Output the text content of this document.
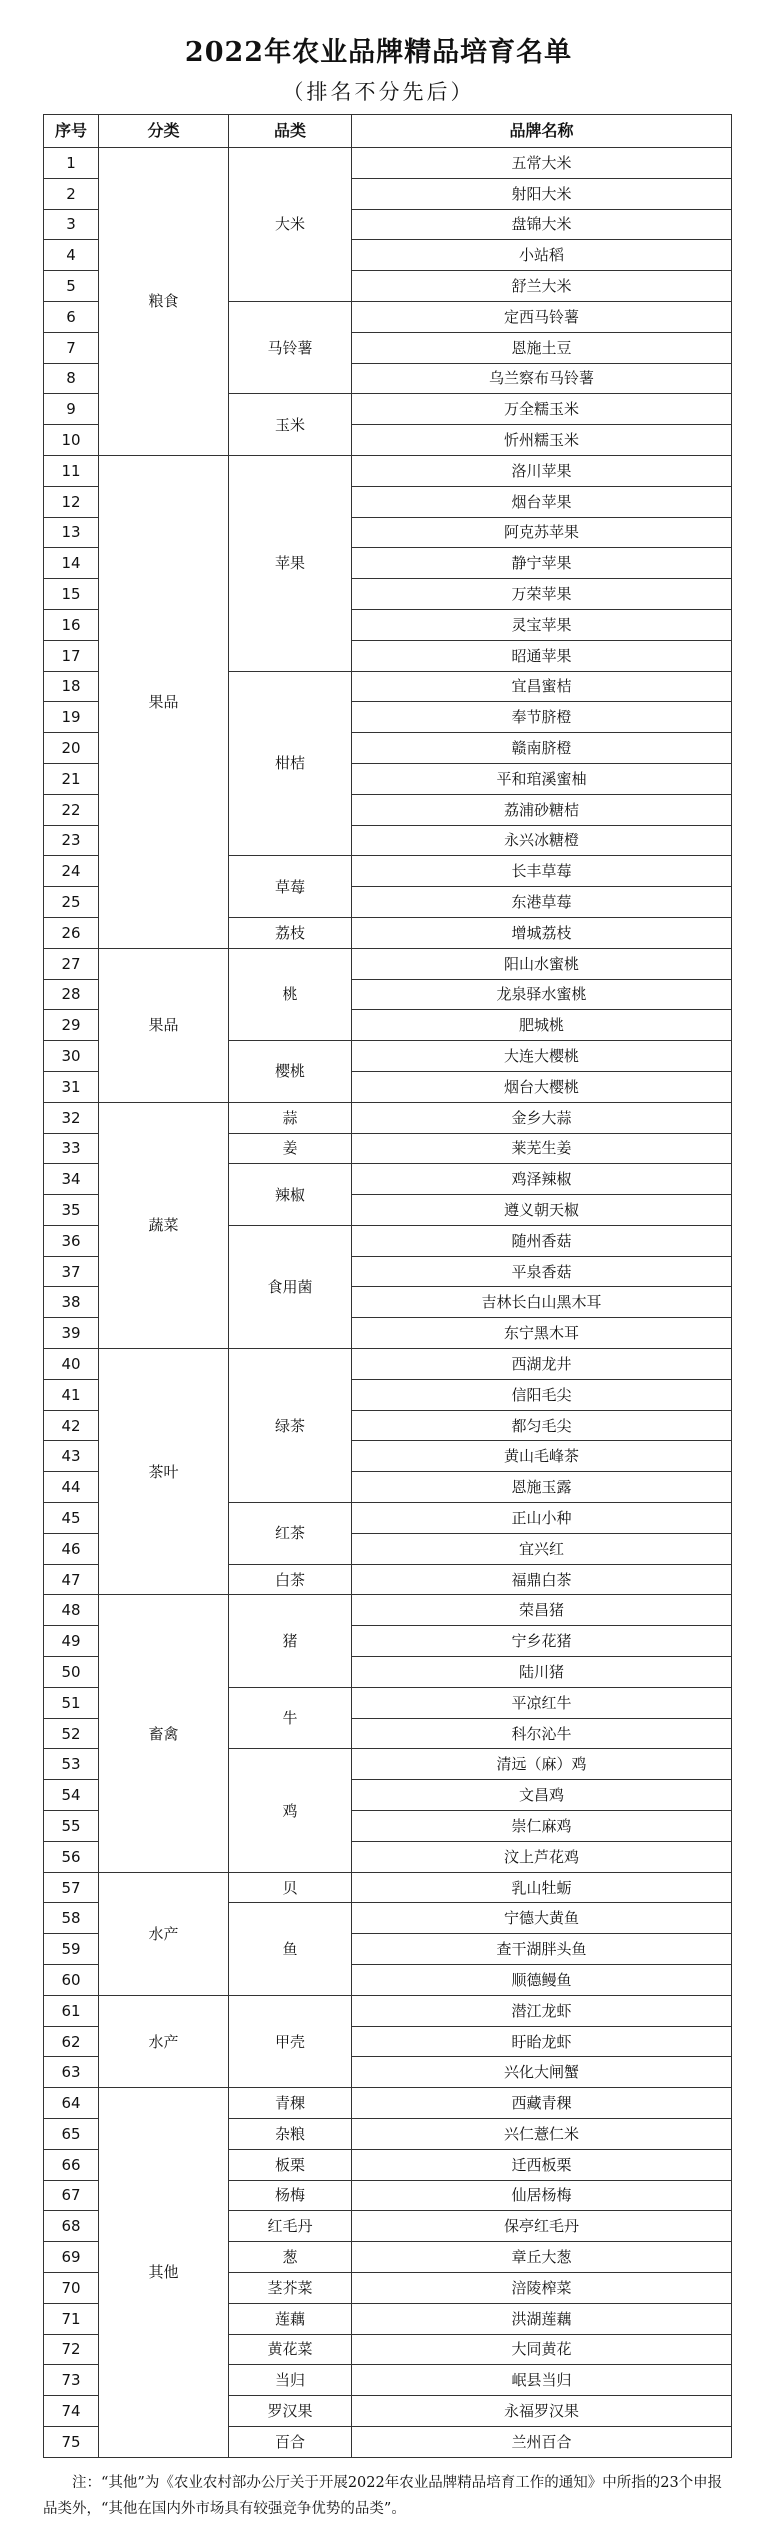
2022年农业品牌精品培育名单
（排名不分先后）
序号	分类	品类	品牌名称
1	粮食	大米	五常大米
2			射阳大米
3			盘锦大米
4			小站稻
5			舒兰大米
6		马铃薯	定西马铃薯
7			恩施土豆
8			乌兰察布马铃薯
9		玉米	万全糯玉米
10			忻州糯玉米
11	果品	苹果	洛川苹果
12			烟台苹果
13			阿克苏苹果
14			静宁苹果
15			万荣苹果
16			灵宝苹果
17			昭通苹果
18		柑桔	宜昌蜜桔
19			奉节脐橙
20			赣南脐橙
21			平和琯溪蜜柚
22			荔浦砂糖桔
23			永兴冰糖橙
24		草莓	长丰草莓
25			东港草莓
26		荔枝	增城荔枝
27	果品	桃	阳山水蜜桃
28			龙泉驿水蜜桃
29			肥城桃
30		樱桃	大连大樱桃
31			烟台大樱桃
32	蔬菜	蒜	金乡大蒜
33		姜	莱芜生姜
34		辣椒	鸡泽辣椒
35			遵义朝天椒
36		食用菌	随州香菇
37			平泉香菇
38			吉林长白山黑木耳
39			东宁黑木耳
40	茶叶	绿茶	西湖龙井
41			信阳毛尖
42			都匀毛尖
43			黄山毛峰茶
44			恩施玉露
45		红茶	正山小种
46			宜兴红
47		白茶	福鼎白茶
48	畜禽	猪	荣昌猪
49			宁乡花猪
50			陆川猪
51		牛	平凉红牛
52			科尔沁牛
53		鸡	清远（麻）鸡
54			文昌鸡
55			崇仁麻鸡
56			汶上芦花鸡
57	水产	贝	乳山牡蛎
58		鱼	宁德大黄鱼
59			查干湖胖头鱼
60			顺德鳗鱼
61	水产	甲壳	潜江龙虾
62			盱眙龙虾
63			兴化大闸蟹
64	其他	青稞	西藏青稞
65		杂粮	兴仁薏仁米
66		板栗	迁西板栗
67		杨梅	仙居杨梅
68		红毛丹	保亭红毛丹
69		葱	章丘大葱
70		茎芥菜	涪陵榨菜
71		莲藕	洪湖莲藕
72		黄花菜	大同黄花
73		当归	岷县当归
74		罗汉果	永福罗汉果
75		百合	兰州百合
注：“其他”为《农业农村部办公厅关于开展2022年农业品牌精品培育工作的通知》中所指的23个申报品类外，“其他在国内外市场具有较强竞争优势的品类”。
